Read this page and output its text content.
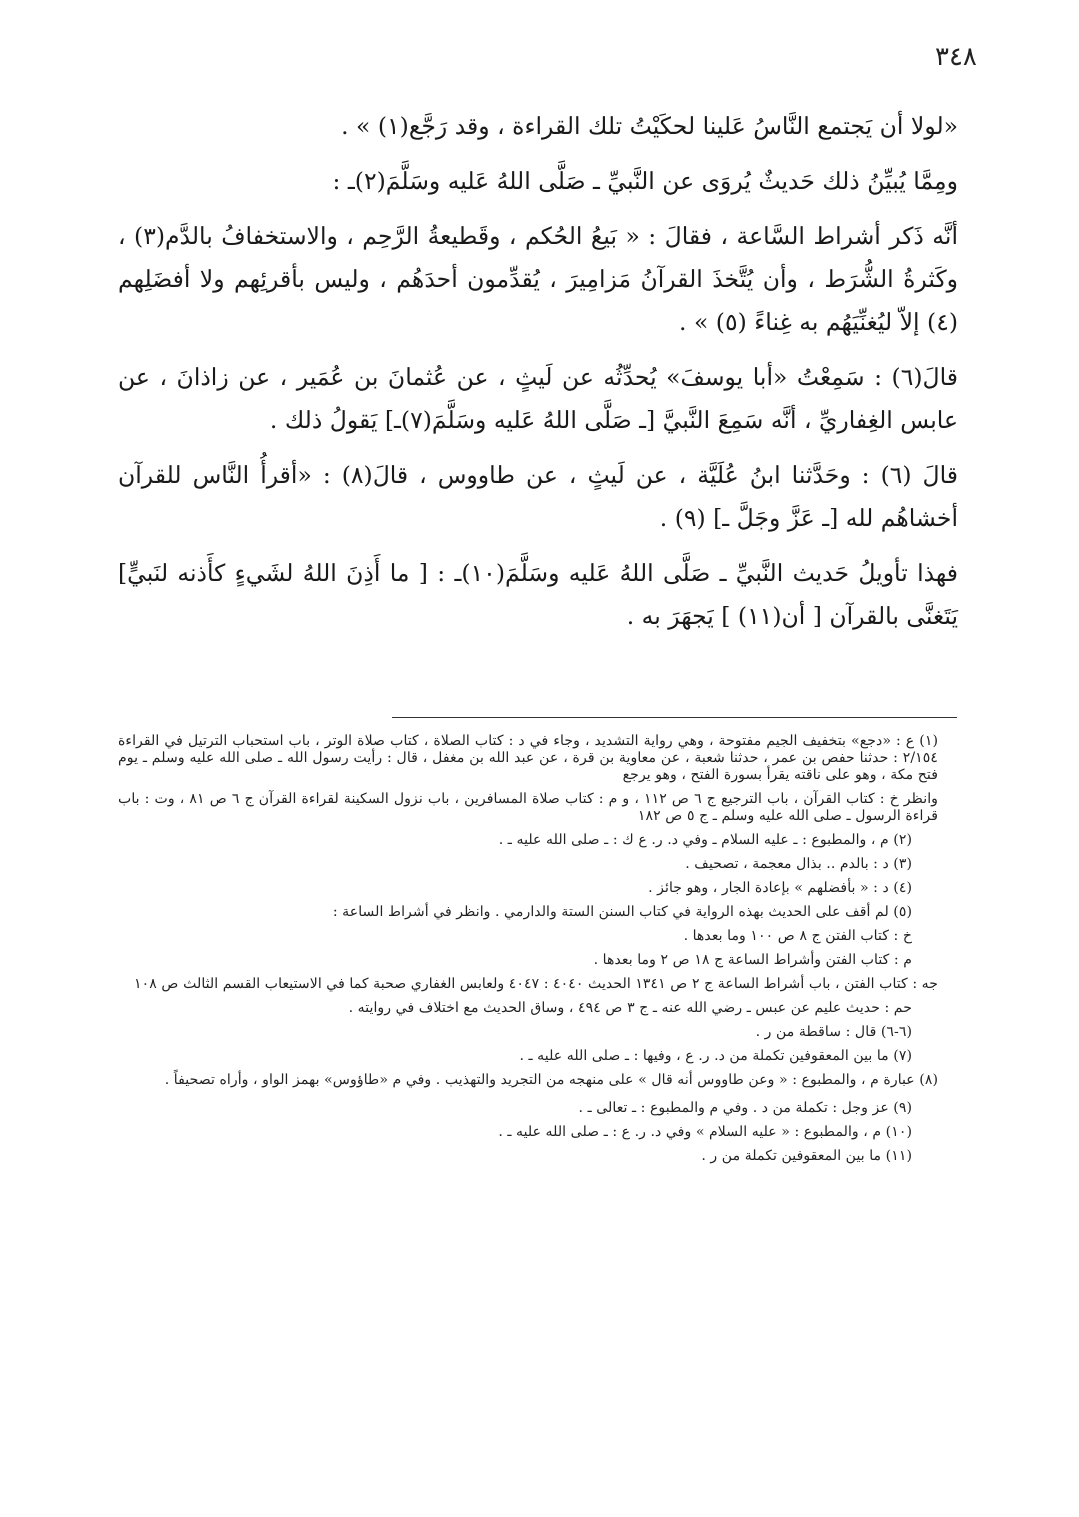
٣٤٨

«لولا أن يَجتمع النَّاسُ عَلينا لحكَيْتُ تلك القراءة ، وقد رَجَّع(١) » .

ومِمَّا يُبيِّنُ ذلك حَديثٌ يُروَى عن النَّبيِّ ـ صَلَّى اللهُ عَليه وسَلَّمَ(٢)ـ :

أنَّه ذَكر أشراط السَّاعة ، فقالَ : « بَيعُ الحُكم ، وقَطيعةُ الرَّحِم ، والاستخفافُ بالدَّم(٣) ، وكَثرةُ الشُّرَط ، وأن يُتَّخذَ القرآنُ مَزامِيرَ ، يُقدِّمون أحدَهُم ، وليس بأقرئِهم ولا أفضَلِهم (٤) إلاّ ليُغنِّيَهُم به غِناءً (٥) » .

قالَ(٦) : سَمِعْتُ «أبا يوسفَ» يُحدِّثُه عن لَيثٍ ، عن عُثمانَ بن عُمَير ، عن زاذانَ ، عن عابس الغِفاريِّ ، أنَّه سَمِعَ النَّبيَّ [ـ صَلَّى اللهُ عَليه وسَلَّمَ(٧)ـ] يَقولُ ذلك .

قالَ (٦) : وحَدَّثنا ابنُ عُلَيَّة ، عن لَيثٍ ، عن طاووس ، قالَ(٨) : «أقرأُ النَّاس للقرآن أخشاهُم لله [ـ عَزَّ وجَلَّ ـ] (٩) .

فهذا تأويلُ حَديث النَّبيِّ ـ صَلَّى اللهُ عَليه وسَلَّمَ(١٠)ـ : [ ما أَذِنَ اللهُ لشَيءٍ كأَذنه لنَبيٍّ] يَتَغنَّى بالقرآن [ أن(١١) ] يَجهَرَ به .

(١) ع : «دجع» بتخفيف الجيم مفتوحة ، وهي رواية التشديد ، وجاء في د : كتاب الصلاة ، كتاب صلاة الوتر ، باب استحباب الترتيل في القراءة ٢/١٥٤ : حدثنا حفص بن عمر ، حدثنا شعبة ، عن معاوية بن قرة ، عن عبد الله بن مغفل ، قال : رأيت رسول الله ـ صلى الله عليه وسلم ـ يوم فتح مكة ، وهو على ناقته يقرأ بسورة الفتح ، وهو يرجع

وانظر خ : كتاب القرآن ، باب الترجيع ج ٦ ص ١١٢ ، و م : كتاب صلاة المسافرين ، باب نزول السكينة لقراءة القرآن ج ٦ ص ٨١ ، وت : باب قراءة الرسول ـ صلى الله عليه وسلم ـ ج ٥ ص ١٨٢

(٢) م ، والمطبوع : ـ عليه السلام ـ وفي د. ر. ع ك : ـ صلى الله عليه ـ .

(٣) د : بالدم .. بذال معجمة ، تصحيف .

(٤) د : « بأفضلهم » بإعادة الجار ، وهو جائز .

(٥) لم أقف على الحديث بهذه الرواية في كتاب السنن الستة والدارمي . وانظر في أشراط الساعة :

خ : كتاب الفتن ج ٨ ص ١٠٠ وما بعدها .

م : كتاب الفتن وأشراط الساعة ج ١٨ ص ٢ وما بعدها .

جه : كتاب الفتن ، باب أشراط الساعة ج ٢ ص ١٣٤١ الحديث ٤٠٤٠ : ٤٠٤٧ ولعابس الغفاري صحبة كما في الاستيعاب القسم الثالث ص ١٠٨

حم : حديث عليم عن عبس ـ رضي الله عنه ـ ج ٣ ص ٤٩٤ ، وساق الحديث مع اختلاف في روايته .

(٦-٦) قال : ساقطة من ر .

(٧) ما بين المعقوفين تكملة من د. ر. ع ، وفيها : ـ صلى الله عليه ـ .

(٨) عبارة م ، والمطبوع : « وعن طاووس أنه قال » على منهجه من التجريد والتهذيب . وفي م «طاؤوس» بهمز الواو ، وأراه تصحيفاً .

(٩) عز وجل : تكملة من د . وفي م والمطبوع : ـ تعالى ـ .

(١٠) م ، والمطبوع : « عليه السلام » وفي د. ر. ع : ـ صلى الله عليه ـ .

(١١) ما بين المعقوفين تكملة من ر .
